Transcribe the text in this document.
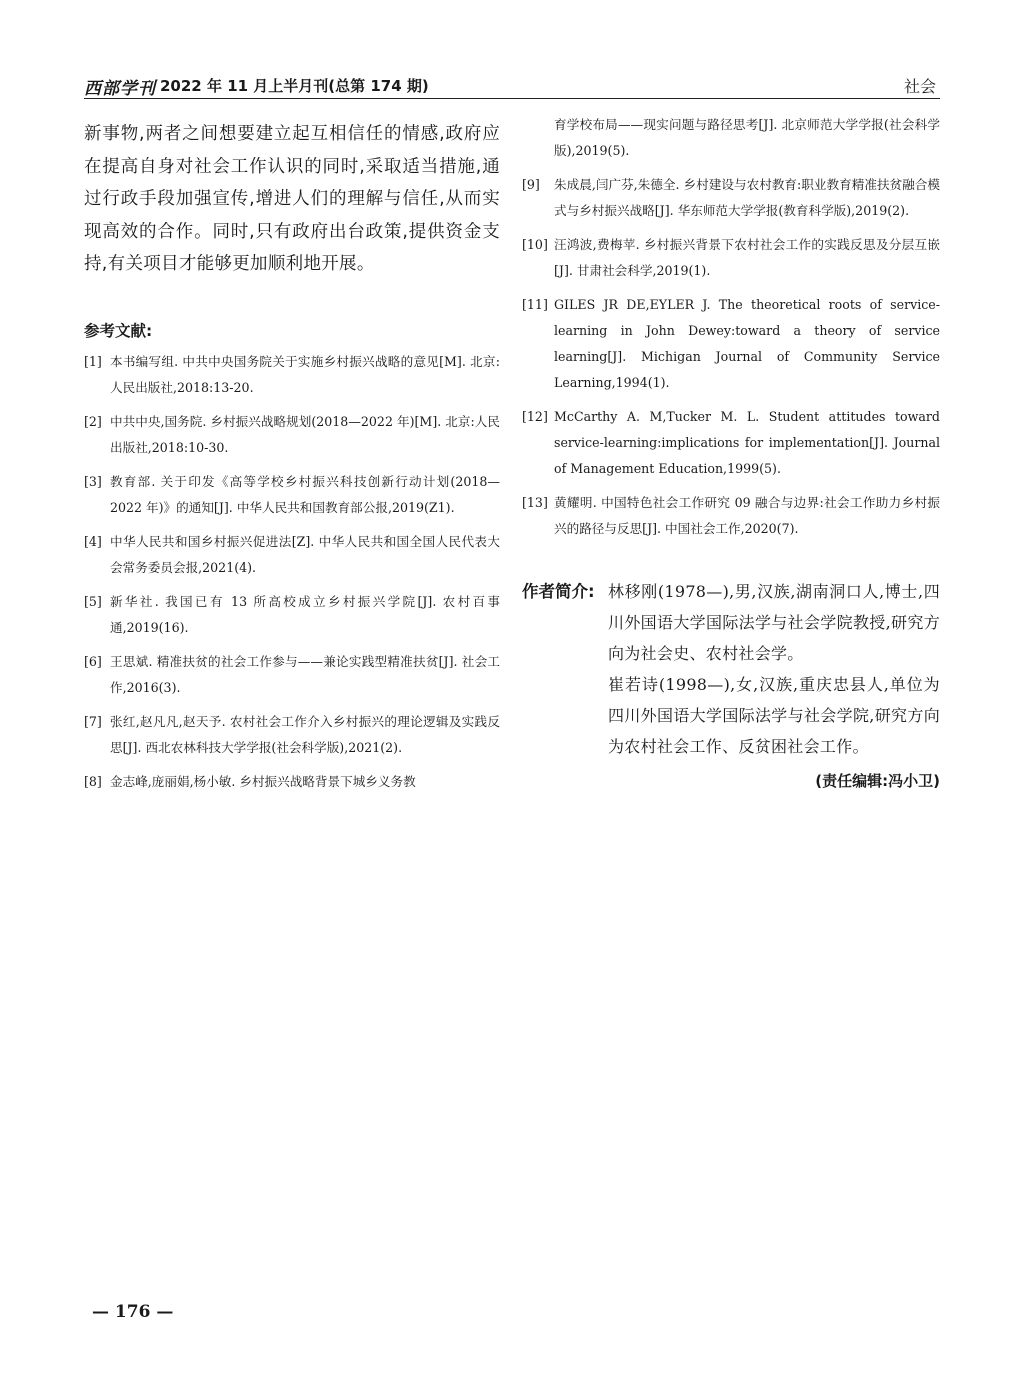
西部学刊 2022 年 11 月上半月刊(总第 174 期)	社会

新事物,两者之间想要建立起互相信任的情感,政府应在提高自身对社会工作认识的同时,采取适当措施,通过行政手段加强宣传,增进人们的理解与信任,从而实现高效的合作。同时,只有政府出台政策,提供资金支持,有关项目才能够更加顺利地开展。

参考文献:

[1] 本书编写组. 中共中央国务院关于实施乡村振兴战略的意见[M]. 北京:人民出版社,2018:13-20.

[2] 中共中央,国务院. 乡村振兴战略规划(2018—2022 年)[M]. 北京:人民出版社,2018:10-30.

[3] 教育部. 关于印发《高等学校乡村振兴科技创新行动计划(2018—2022 年)》的通知[J]. 中华人民共和国教育部公报,2019(Z1).

[4] 中华人民共和国乡村振兴促进法[Z]. 中华人民共和国全国人民代表大会常务委员会报,2021(4).

[5] 新华社. 我国已有 13 所高校成立乡村振兴学院[J]. 农村百事通,2019(16).

[6] 王思斌. 精准扶贫的社会工作参与——兼论实践型精准扶贫[J]. 社会工作,2016(3).

[7] 张红,赵凡凡,赵天予. 农村社会工作介入乡村振兴的理论逻辑及实践反思[J]. 西北农林科技大学学报(社会科学版),2021(2).

[8] 金志峰,庞丽娟,杨小敏. 乡村振兴战略背景下城乡义务教

育学校布局——现实问题与路径思考[J]. 北京师范大学学报(社会科学版),2019(5).

[9] 朱成晨,闫广芬,朱德全. 乡村建设与农村教育:职业教育精准扶贫融合模式与乡村振兴战略[J]. 华东师范大学学报(教育科学版),2019(2).

[10] 汪鸿波,费梅苹. 乡村振兴背景下农村社会工作的实践反思及分层互嵌[J]. 甘肃社会科学,2019(1).

[11] GILES JR DE,EYLER J. The theoretical roots of service-learning in John Dewey:toward a theory of service learning[J]. Michigan Journal of Community Service Learning,1994(1).

[12] McCarthy A. M,Tucker M. L. Student attitudes toward service-learning:implications for implementation[J]. Journal of Management Education,1999(5).

[13] 黄耀明. 中国特色社会工作研究 09 融合与边界:社会工作助力乡村振兴的路径与反思[J]. 中国社会工作,2020(7).

作者简介: 林移刚(1978—),男,汉族,湖南洞口人,博士,四川外国语大学国际法学与社会学院教授,研究方向为社会史、农村社会学。

崔若诗(1998—),女,汉族,重庆忠县人,单位为四川外国语大学国际法学与社会学院,研究方向为农村社会工作、反贫困社会工作。

(责任编辑:冯小卫)
— 176 —
